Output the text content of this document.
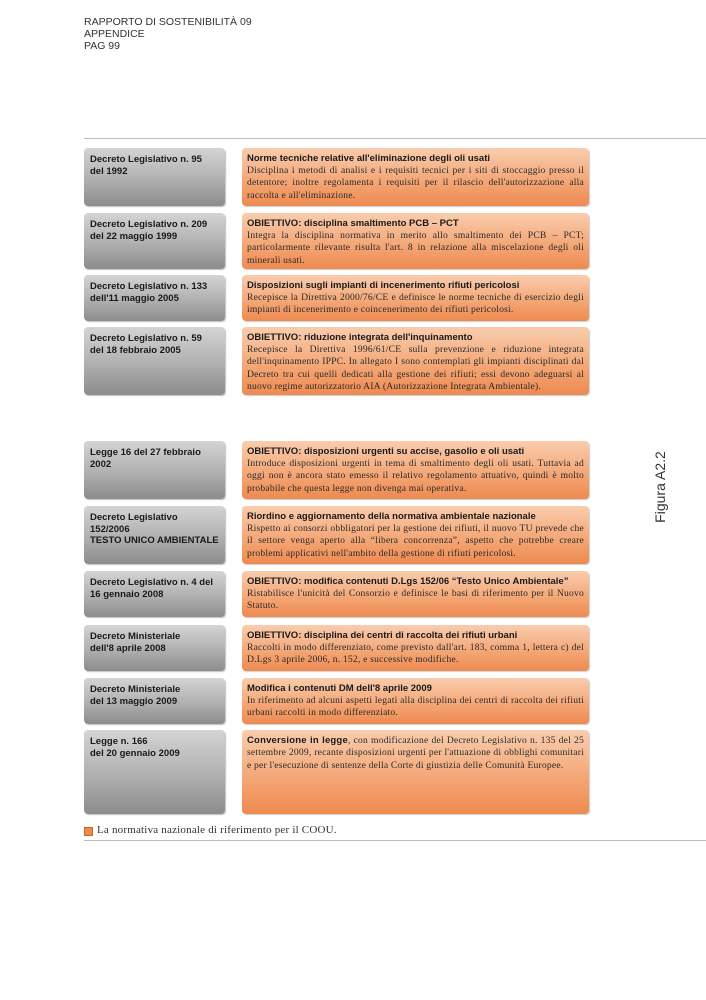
RAPPORTO DI SOSTENIBILITÀ 09
APPENDICE
PAG 99
Decreto Legislativo n. 95
del 1992
Norme tecniche relative all'eliminazione degli oli usati
Disciplina i metodi di analisi e i requisiti tecnici per i siti di stoccaggio presso il detentore; inoltre regolamenta i requisiti per il rilascio dell'autorizzazione alla raccolta e all'eliminazione.
Decreto Legislativo n. 209
del 22 maggio 1999
OBIETTIVO: disciplina smaltimento PCB – PCT
Integra la disciplina normativa in merito allo smaltimento dei PCB – PCT; particolarmente rilevante risulta l'art. 8 in relazione alla miscelazione degli oli minerali usati.
Decreto Legislativo n. 133
dell'11 maggio 2005
Disposizioni sugli impianti di incenerimento rifiuti pericolosi
Recepisce la Direttiva 2000/76/CE e definisce le norme tecniche di esercizio degli impianti di incenerimento e coincenerimento dei rifiuti pericolosi.
Decreto Legislativo n. 59
del 18 febbraio 2005
OBIETTIVO: riduzione integrata dell'inquinamento
Recepisce la Direttiva 1996/61/CE sulla prevenzione e riduzione integrata dell'inquinamento IPPC. In allegato I sono contemplati gli impianti disciplinati dal Decreto tra cui quelli dedicati alla gestione dei rifiuti; essi devono adeguarsi al nuovo regime autorizzatorio AIA (Autorizzazione Integrata Ambientale).
Legge 16 del 27 febbraio
2002
OBIETTIVO: disposizioni urgenti su accise, gasolio e oli usati
Introduce disposizioni urgenti in tema di smaltimento degli oli usati. Tuttavia ad oggi non è ancora stato emesso il relativo regolamento attuativo, quindi è molto probabile che questa legge non divenga mai operativa.
Decreto Legislativo 152/2006
TESTO UNICO AMBIENTALE
Riordino e aggiornamento della normativa ambientale nazionale
Rispetto ai consorzi obbligatori per la gestione dei rifiuti, il nuovo TU prevede che il settore venga aperto alla “libera concorrenza”, aspetto che potrebbe creare problemi applicativi nell'ambito della gestione di rifiuti pericolosi.
Decreto Legislativo n. 4 del
16 gennaio 2008
OBIETTIVO: modifica contenuti D.Lgs 152/06 “Testo Unico Ambientale”
Ristabilisce l'unicità del Consorzio e definisce le basi di riferimento per il Nuovo Statuto.
Decreto Ministeriale
dell'8 aprile 2008
OBIETTIVO: disciplina dei centri di raccolta dei rifiuti urbani
Raccolti in modo differenziato, come previsto dall'art. 183, comma 1, lettera c) del D.Lgs 3 aprile 2006, n. 152, e successive modifiche.
Decreto Ministeriale
del 13 maggio 2009
Modifica i contenuti DM dell'8 aprile 2009
In riferimento ad alcuni aspetti legati alla disciplina dei centri di raccolta dei rifiuti urbani raccolti in modo differenziato.
Legge n. 166
del 20 gennaio 2009
Conversione in legge, con modificazione del Decreto Legislativo n. 135 del 25 settembre 2009, recante disposizioni urgenti per l'attuazione di obblighi comunitari e per l'esecuzione di sentenze della Corte di giustizia delle Comunità Europee.
Figura A2.2
La normativa nazionale di riferimento per il COOU.
